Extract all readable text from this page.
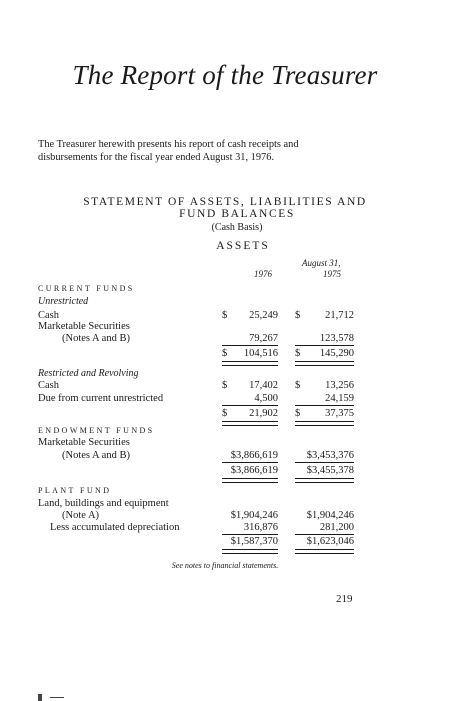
The Report of the Treasurer
The Treasurer herewith presents his report of cash receipts and
disbursements for the fiscal year ended August 31, 1976.
STATEMENT OF ASSETS, LIABILITIES AND
FUND BALANCES
(Cash Basis)
ASSETS
August 31,
1976	1975
CURRENT FUNDS
Unrestricted
Cash	$	25,249 $	21,712
Marketable Securities
(Notes A and B)	79,267	123,578
$	104,516 $	145,290
Restricted and Revolving
Cash	$	17,402 $	13,256
Due from current unrestricted	4,500	24,159
$	21,902 $	37,375
ENDOWMENT FUNDS
Marketable Securities
(Notes A and B)	$3,866,619	$3,453,376
$3,866,619	$3,455,378
PLANT FUND
Land, buildings and equipment
(Note A)	$1,904,246	$1,904,246
Less accumulated depreciation	316,876	281,200
$1,587,370	$1,623,046
See notes to financial statements.
219
